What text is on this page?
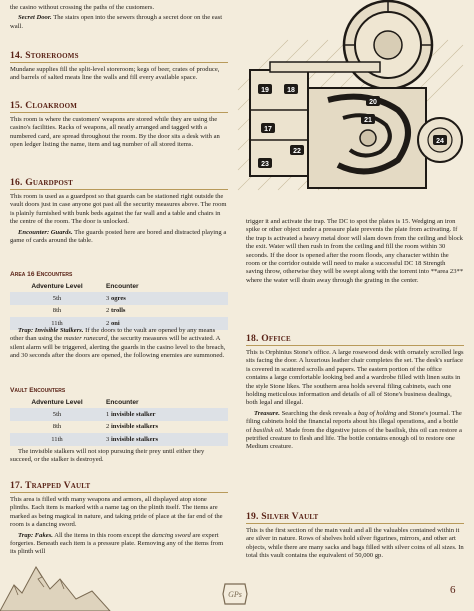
the casino without crossing the paths of the customers.

Secret Door. The stairs open into the sewers through a secret door on the east wall.

14. Storerooms

Mundane supplies fill the split-level storeroom; kegs of beer, crates of produce, and barrels of salted meats line the walls and fill every available space.

15. Cloakroom

This room is where the customers' weapons are stored while they are using the casino's facilities. Racks of weapons, all neatly arranged and tagged with a numbered card, are spread throughout the room. By the door sits a desk with an open ledger listing the name, item and tag number of all stored items.

16. Guardpost

This room is used as a guardpost so that guards can be stationed right outside the vault doors just in case anyone got past all the security measures above. The room is plainly furnished with bunk beds against the far wall and a table and chairs in the centre of the room. The door is unlocked.

Encounter: Guards. The guards posted here are bored and distracted playing a game of cards around the table.

Area 16 Encounters
Adventure Level	Encounter
5th	3 ogres
8th	2 trolls
11th	2 oni

Trap: Invisible Stalkers. If the doors to the vault are opened by any means other than using the master runecard, the security measures will be activated. A silent alarm will be triggered, alerting the guards in the casino level to the breach, and 30 seconds after the doors are opened, the following enemies are summoned.

Vault Encounters
Adventure Level	Encounter
5th	1 invisible stalker
8th	2 invisible stalkers
11th	3 invisible stalkers

The invisible stalkers will not stop pursuing their prey until either they succeed, or the stalker is destroyed.

17. Trapped Vault

This area is filled with many weapons and armors, all displayed atop stone plinths. Each item is marked with a name tag on the plinth itself. The items are marked as being magical in nature, and taking pride of place at the far end of the room is a dancing sword.

Trap: Fakes. All the items in this room except the dancing sword are expert forgeries. Beneath each item is a pressure plate. Removing any of the items from its plinth will

19	18
20
21
17
22
23
24

trigger it and activate the trap. The DC to spot the plates is 15. Wedging an iron spike or other object under a pressure plate prevents the plate from activating. If the trap is activated a heavy metal door will slam down from the ceiling and block the exit. Water will then rush in from the ceiling and fill the room within 30 seconds. If the door is opened after the room floods, any character within the room or the corridor outside will need to make a successful DC 18 Strength saving throw, otherwise they will be swept along with the torrent into **area 23** where the water will drain away through the grating in the center.

18. Office

This is Orphinius Stone's office. A large rosewood desk with ornately scrolled legs sits facing the door. A luxurious leather chair completes the set. The desk's surface is covered in scattered scrolls and papers. The eastern portion of the office contains a large comfortable looking bed and a wardrobe filled with linen suits in the style Stone likes. The southern area holds several filing cabinets, each one holding meticulous information and details of all of Stone's business dealings, both legal and illegal.

Treasure. Searching the desk reveals a bag of holding and Stone's journal. The filing cabinets hold the financial reports about his illegal operations, and a bottle of basilisk oil. Made from the digestive juices of the basilisk, this oil can restore a petrified creature to flesh and life. The bottle contains enough oil to restore one Medium creature.

19. Silver Vault

This is the first section of the main vault and all the valuables contained within it are silver in nature. Rows of shelves hold silver figurines, mirrors, and other art objects, while there are many sacks and bags filled with silver coins of all sizes. In total this vault contains the equivalent of 50,000 gp.

GPs	6
